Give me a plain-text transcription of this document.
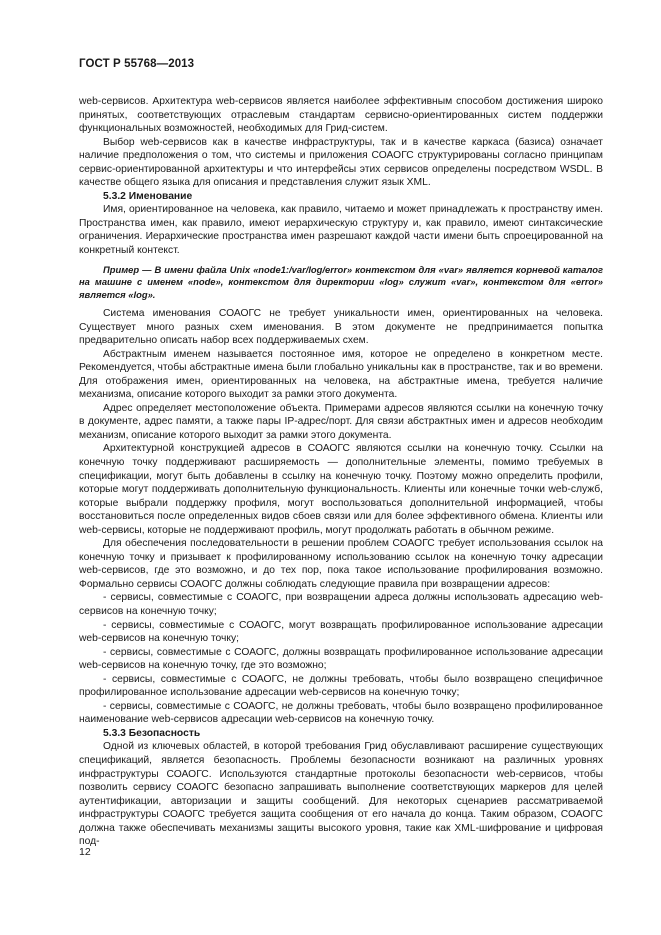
ГОСТ Р 55768—2013

web-сервисов. Архитектура web-сервисов является наиболее эффективным способом достижения широко принятых, соответствующих отраслевым стандартам сервисно-ориентированных систем поддержки функциональных возможностей, необходимых для Грид-систем.

Выбор web-сервисов как в качестве инфраструктуры, так и в качестве каркаса (базиса) означает наличие предположения о том, что системы и приложения СОАОГС структурированы согласно принципам сервис-ориентированной архитектуры и что интерфейсы этих сервисов определены посредством WSDL. В качестве общего языка для описания и представления служит язык XML.

5.3.2 Именование

Имя, ориентированное на человека, как правило, читаемо и может принадлежать к пространству имен. Пространства имен, как правило, имеют иерархическую структуру и, как правило, имеют синтаксические ограничения. Иерархические пространства имен разрешают каждой части имени быть спроецированной на конкретный контекст.

Пример — В имени файла Unix «node1:/var/log/error» контекстом для «var» является корневой каталог на машине с именем «node», контекстом для директории «log» служит «var», контекстом для «error» является «log».

Система именования СОАОГС не требует уникальности имен, ориентированных на человека. Существует много разных схем именования. В этом документе не предпринимается попытка предварительно описать набор всех поддерживаемых схем.

Абстрактным именем называется постоянное имя, которое не определено в конкретном месте. Рекомендуется, чтобы абстрактные имена были глобально уникальны как в пространстве, так и во времени. Для отображения имен, ориентированных на человека, на абстрактные имена, требуется наличие механизма, описание которого выходит за рамки этого документа.

Адрес определяет местоположение объекта. Примерами адресов являются ссылки на конечную точку в документе, адрес памяти, а также пары IP-адрес/порт. Для связи абстрактных имен и адресов необходим механизм, описание которого выходит за рамки этого документа.

Архитектурной конструкцией адресов в СОАОГС являются ссылки на конечную точку. Ссылки на конечную точку поддерживают расширяемость — дополнительные элементы, помимо требуемых в спецификации, могут быть добавлены в ссылку на конечную точку. Поэтому можно определить профили, которые могут поддерживать дополнительную функциональность. Клиенты или конечные точки web-служб, которые выбрали поддержку профиля, могут воспользоваться дополнительной информацией, чтобы восстановиться после определенных видов сбоев связи или для более эффективного обмена. Клиенты или web-сервисы, которые не поддерживают профиль, могут продолжать работать в обычном режиме.

Для обеспечения последовательности в решении проблем СОАОГС требует использования ссылок на конечную точку и призывает к профилированному использованию ссылок на конечную точку адресации web-сервисов, где это возможно, и до тех пор, пока такое использование профилирования возможно. Формально сервисы СОАОГС должны соблюдать следующие правила при возвращении адресов:

- сервисы, совместимые с СОАОГС, при возвращении адреса должны использовать адресацию web-сервисов на конечную точку;

- сервисы, совместимые с СОАОГС, могут возвращать профилированное использование адресации web-сервисов на конечную точку;

- сервисы, совместимые с СОАОГС, должны возвращать профилированное использование адресации web-сервисов на конечную точку, где это возможно;

- сервисы, совместимые с СОАОГС, не должны требовать, чтобы было возвращено специфичное профилированное использование адресации web-сервисов на конечную точку;

- сервисы, совместимые с СОАОГС, не должны требовать, чтобы было возвращено профилированное наименование web-сервисов адресации web-сервисов на конечную точку.

5.3.3 Безопасность

Одной из ключевых областей, в которой требования Грид обуславливают расширение существующих спецификаций, является безопасность. Проблемы безопасности возникают на различных уровнях инфраструктуры СОАОГС. Используются стандартные протоколы безопасности web-сервисов, чтобы позволить сервису СОАОГС безопасно запрашивать выполнение соответствующих маркеров для целей аутентификации, авторизации и защиты сообщений. Для некоторых сценариев рассматриваемой инфраструктуры СОАОГС требуется защита сообщения от его начала до конца. Таким образом, СОАОГС должна также обеспечивать механизмы защиты высокого уровня, такие как XML-шифрование и цифровая под-

12
